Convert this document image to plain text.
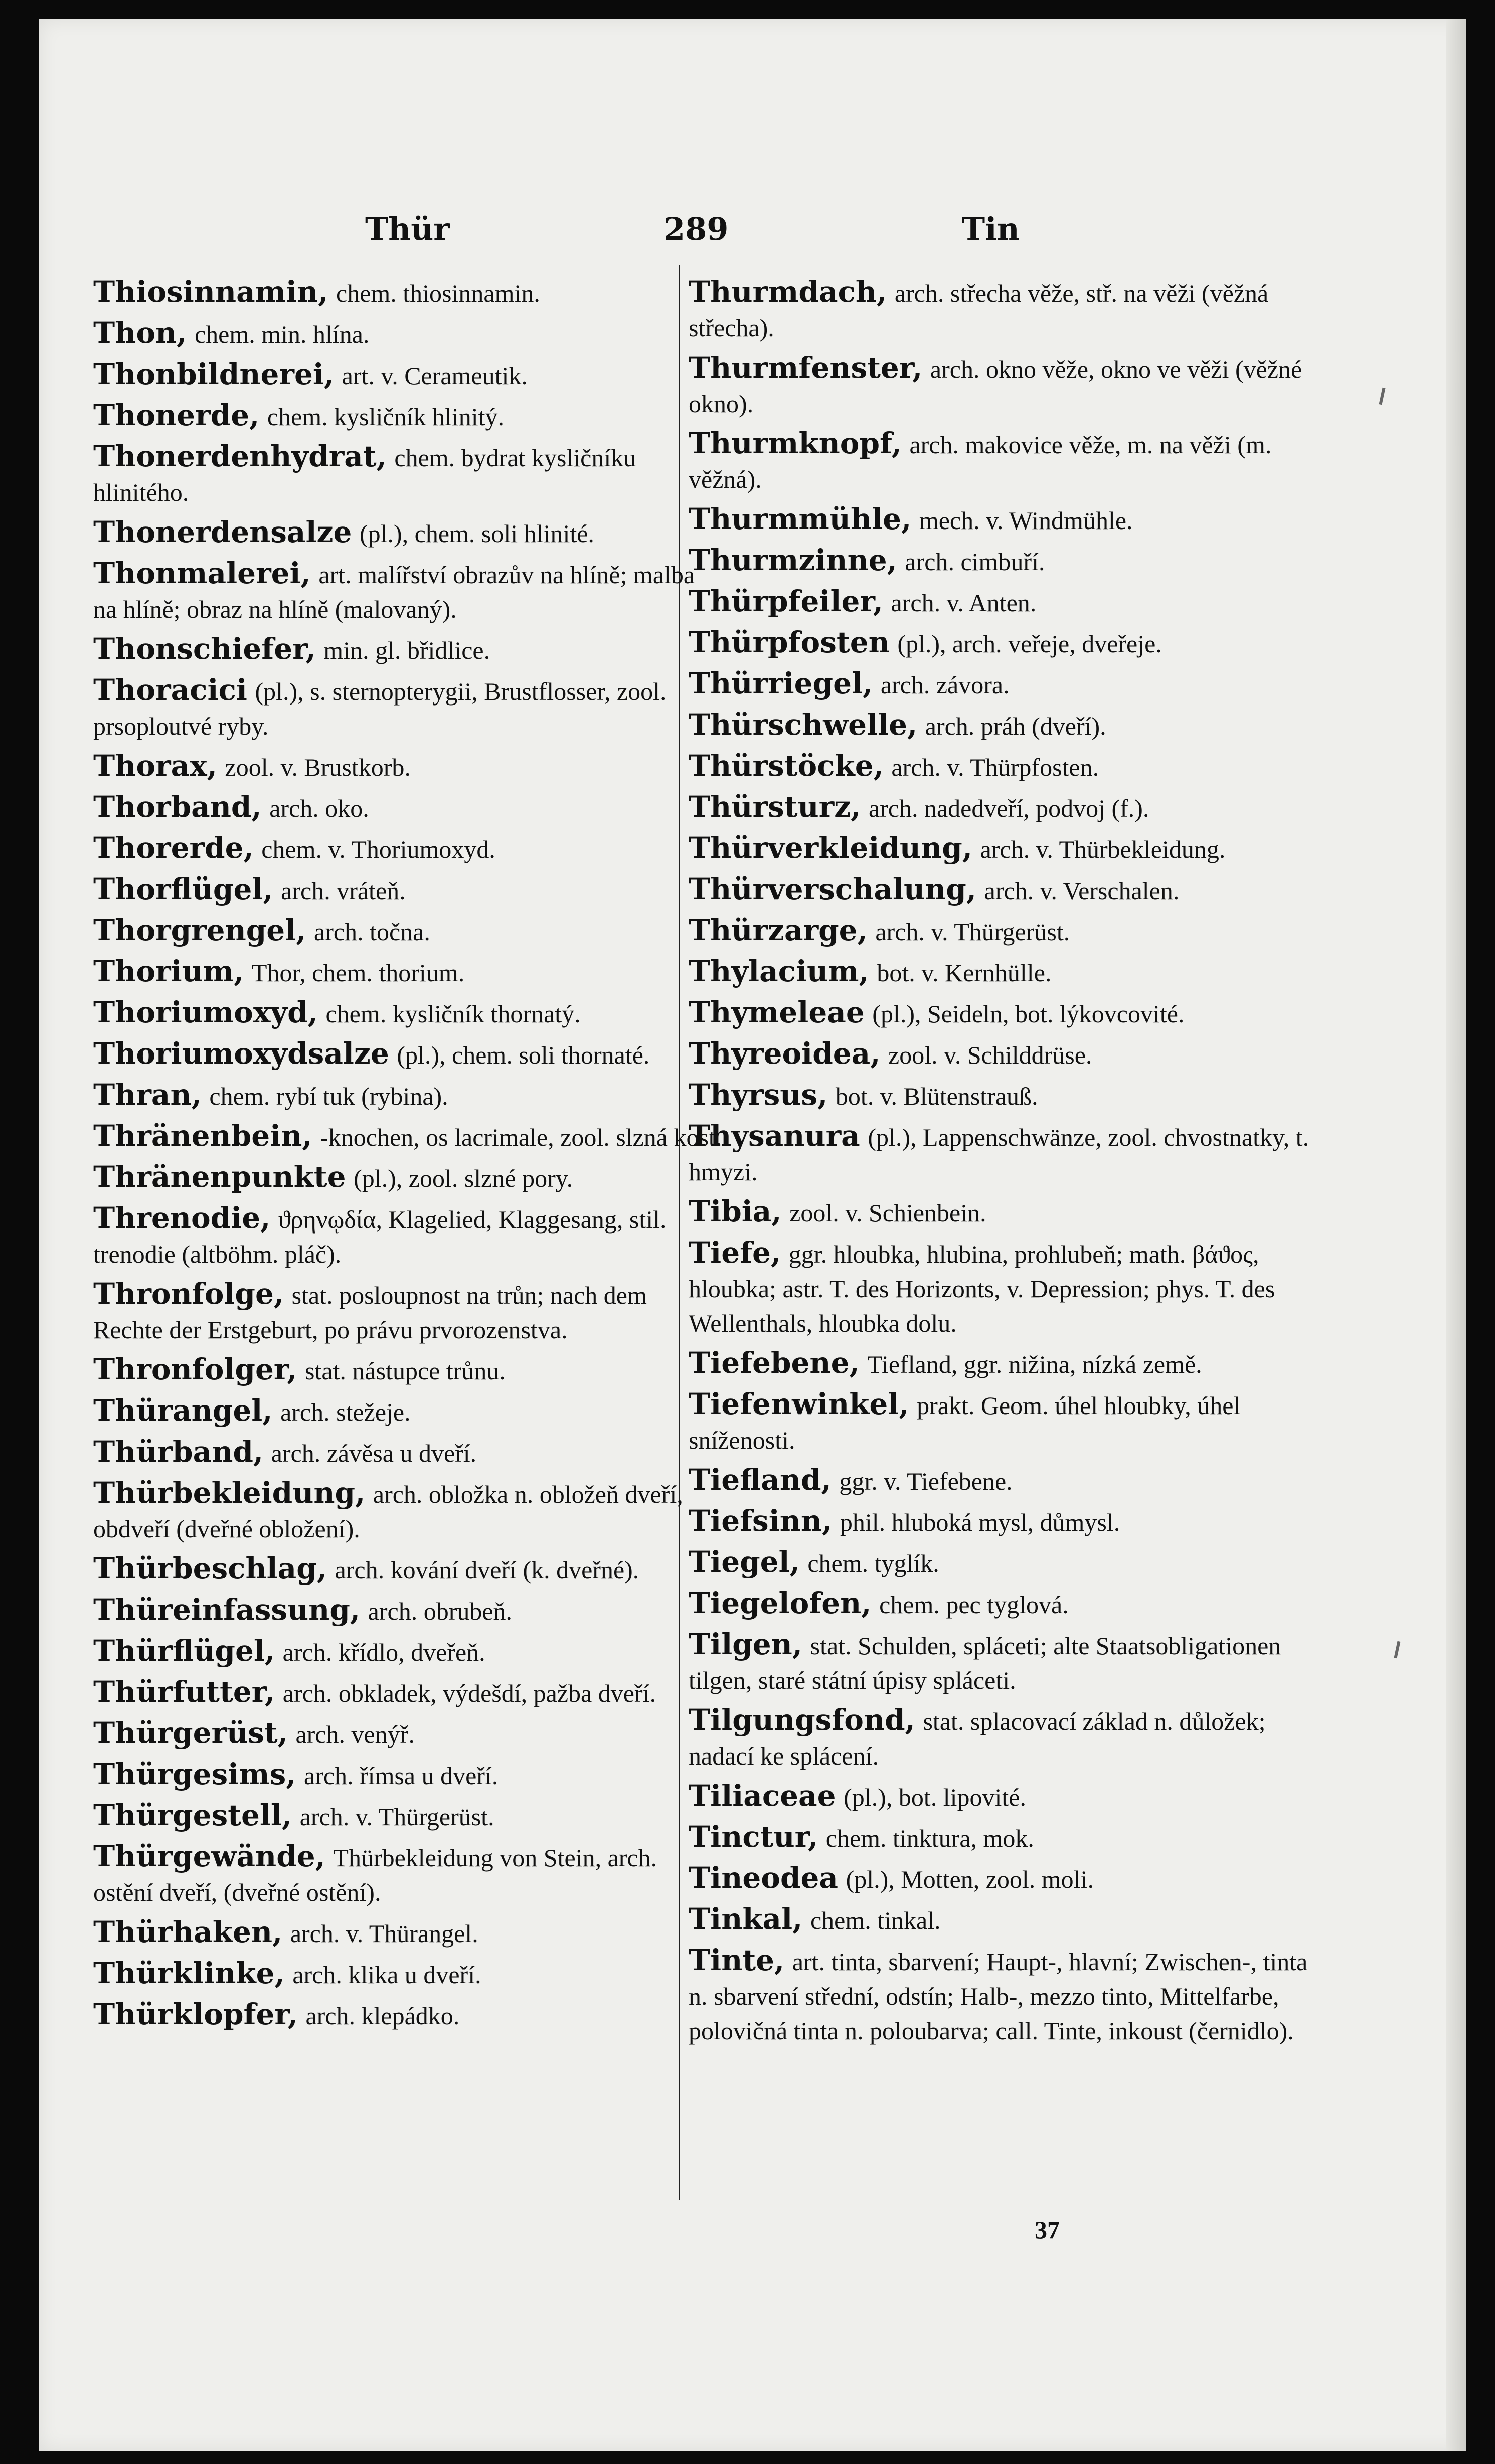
Thür	289	Tin
Thiosinnamin, chem. thiosinnamin.
Thon, chem. min. hlína.
Thonbildnerei, art. v. Cerameutik.
Thonerde, chem. kysličník hlinitý.
Thonerdenhydrat, chem. bydrat kysličníku hlinitého.
Thonerdensalze (pl.), chem. soli hlinité.
Thonmalerei, art. malířství obrazův na hlíně; malba na hlíně; obraz na hlíně (malovaný).
Thonschiefer, min. gl. břidlice.
Thoracici (pl.), s. sternopterygii, Brustflosser, zool. prsoploutvé ryby.
Thorax, zool. v. Brustkorb.
Thorband, arch. oko.
Thorerde, chem. v. Thoriumoxyd.
Thorflügel, arch. vráteň.
Thorgrengel, arch. točna.
Thorium, Thor, chem. thorium.
Thoriumoxyd, chem. kysličník thornatý.
Thoriumoxydsalze (pl.), chem. soli thornaté.
Thran, chem. rybí tuk (rybina).
Thränenbein, -knochen, os lacrimale, zool. slzná kost.
Thränenpunkte (pl.), zool. slzné pory.
Threnodie, ϑρηνῳδία, Klagelied, Klaggesang, stil. trenodie (altböhm. pláč).
Thronfolge, stat. posloupnost na trůn; nach dem Rechte der Erstgeburt, po právu prvorozenstva.
Thronfolger, stat. nástupce trůnu.
Thürangel, arch. stežeje.
Thürband, arch. závěsa u dveří.
Thürbekleidung, arch. obložka n. obložeň dveří, obdveří (dveřné obložení).
Thürbeschlag, arch. kování dveří (k. dveřné).
Thüreinfassung, arch. obrubeň.
Thürflügel, arch. křídlo, dveřeň.
Thürfutter, arch. obkladek, výdešdí, pažba dveří.
Thürgerüst, arch. venýř.
Thürgesims, arch. římsa u dveří.
Thürgestell, arch. v. Thürgerüst.
Thürgewände, Thürbekleidung von Stein, arch. ostění dveří, (dveřné ostění).
Thürhaken, arch. v. Thürangel.
Thürklinke, arch. klika u dveří.
Thürklopfer, arch. klepádko.
Thurmdach, arch. střecha věže, stř. na věži (věžná střecha).
Thurmfenster, arch. okno věže, okno ve věži (věžné okno).
Thurmknopf, arch. makovice věže, m. na věži (m. věžná).
Thurmmühle, mech. v. Windmühle.
Thurmzinne, arch. cimbuří.
Thürpfeiler, arch. v. Anten.
Thürpfosten (pl.), arch. veřeje, dveřeje.
Thürriegel, arch. závora.
Thürschwelle, arch. práh (dveří).
Thürstöcke, arch. v. Thürpfosten.
Thürsturz, arch. nadedveří, podvoj (f.).
Thürverkleidung, arch. v. Thürbekleidung.
Thürverschalung, arch. v. Verschalen.
Thürzarge, arch. v. Thürgerüst.
Thylacium, bot. v. Kernhülle.
Thymeleae (pl.), Seideln, bot. lýkovcovité.
Thyreoidea, zool. v. Schilddrüse.
Thyrsus, bot. v. Blütenstrauß.
Thysanura (pl.), Lappenschwänze, zool. chvostnatky, t. hmyzi.
Tibia, zool. v. Schienbein.
Tiefe, ggr. hloubka, hlubina, prohlubeň; math. βάϑος, hloubka; astr. T. des Horizonts, v. Depression; phys. T. des Wellenthals, hloubka dolu.
Tiefebene, Tiefland, ggr. nižina, nízká země.
Tiefenwinkel, prakt. Geom. úhel hloubky, úhel sníženosti.
Tiefland, ggr. v. Tiefebene.
Tiefsinn, phil. hluboká mysl, důmysl.
Tiegel, chem. tyglík.
Tiegelofen, chem. pec tyglová.
Tilgen, stat. Schulden, spláceti; alte Staatsobligationen tilgen, staré státní úpisy spláceti.
Tilgungsfond, stat. splacovací základ n. důložek; nadací ke splácení.
Tiliaceae (pl.), bot. lipovité.
Tinctur, chem. tinktura, mok.
Tineodea (pl.), Motten, zool. moli.
Tinkal, chem. tinkal.
Tinte, art. tinta, sbarvení; Haupt-, hlavní; Zwischen-, tinta n. sbarvení střední, odstín; Halb-, mezzo tinto, Mittelfarbe, polovičná tinta n. poloubarva; call. Tinte, inkoust (černidlo).
37
